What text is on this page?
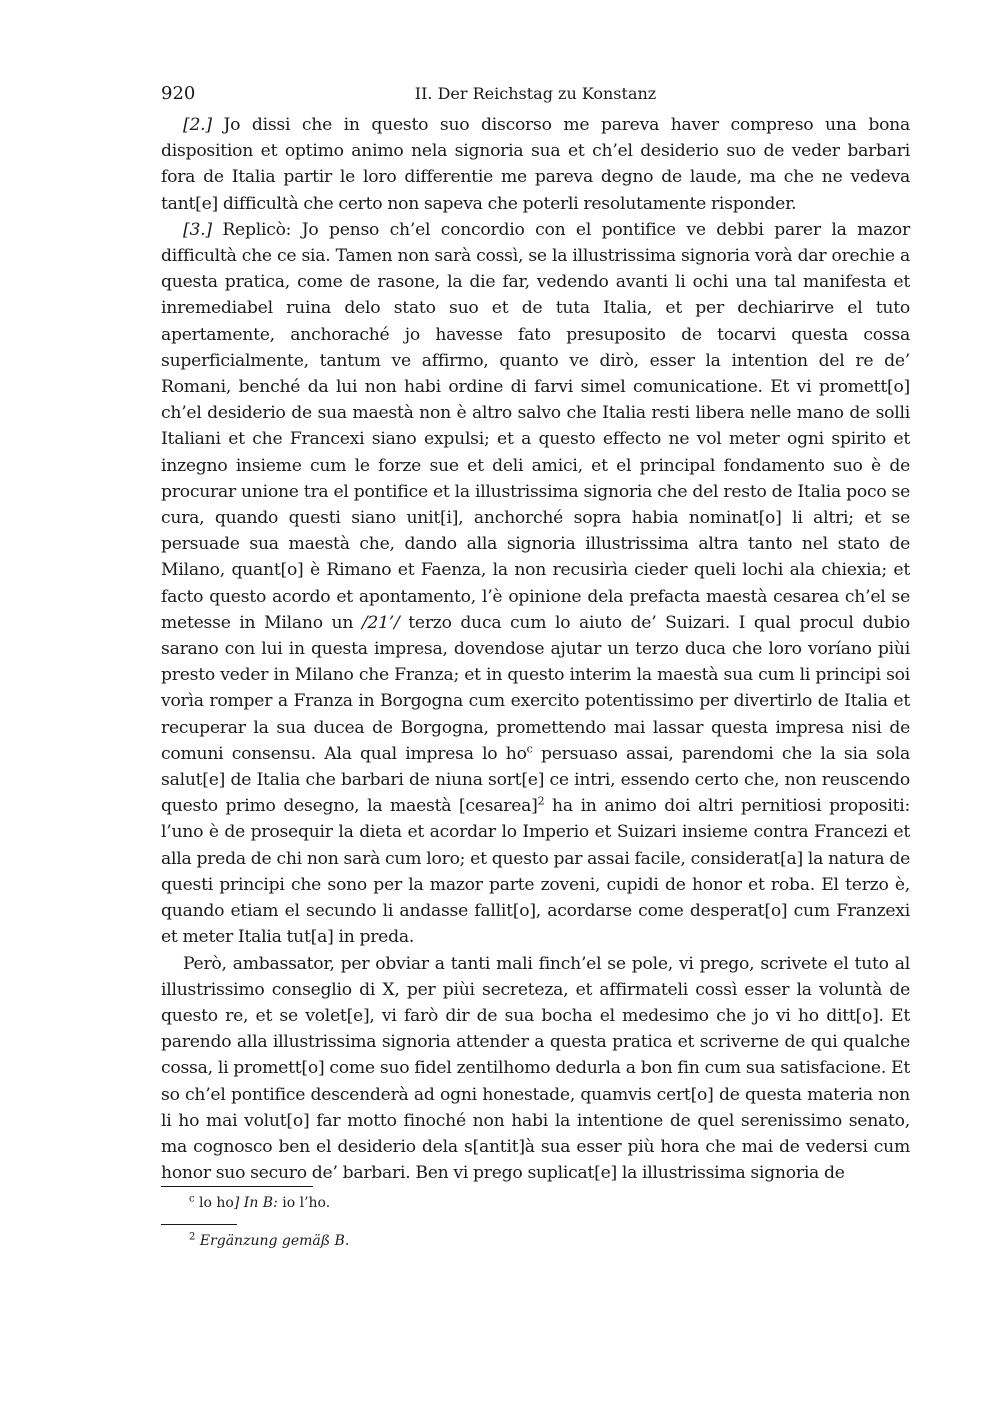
920	II. Der Reichstag zu Konstanz

[2.] Jo dissi che in questo suo discorso me pareva haver compreso una bona disposition et optimo animo nela signoria sua et ch’el desiderio suo de veder barbari fora de Italia partir le loro differentie me pareva degno de laude, ma che ne vedeva tant[e] difficultà che certo non sapeva che poterli resolutamente risponder.

[3.] Replicò: Jo penso ch’el concordio con el pontifice ve debbi parer la mazor difficultà che ce sia. Tamen non sarà cossì, se la illustrissima signoria vorà dar orechie a questa pratica, come de rasone, la die far, vedendo avanti li ochi una tal manifesta et inremediabel ruina delo stato suo et de tuta Italia, et per dechiarirve el tuto apertamente, anchoraché jo havesse fato presuposito de tocarvi questa cossa superficialmente, tantum ve affirmo, quanto ve dirò, esser la intention del re de’ Romani, benché da lui non habi ordine di farvi simel comunicatione. Et vi promett[o] ch’el desiderio de sua maestà non è altro salvo che Italia resti libera nelle mano de solli Italiani et che Francexi siano expulsi; et a questo effecto ne vol meter ogni spirito et inzegno insieme cum le forze sue et deli amici, et el principal fondamento suo è de procurar unione tra el pontifice et la illustrissima signoria che del resto de Italia poco se cura, quando questi siano unit[i], anchorché sopra habia nominat[o] li altri; et se persuade sua maestà che, dando alla signoria illustrissima altra tanto nel stato de Milano, quant[o] è Rimano et Faenza, la non recusirìa cieder queli lochi ala chiexia; et facto questo acordo et apontamento, l’è opinione dela prefacta maestà cesarea ch’el se metesse in Milano un /21’/ terzo duca cum lo aiuto de’ Suizari. I qual procul dubio sarano con lui in questa impresa, dovendose ajutar un terzo duca che loro voríano piùi presto veder in Milano che Franza; et in questo interim la maestà sua cum li principi soi vorìa romper a Franza in Borgogna cum exercito potentissimo per divertirlo de Italia et recuperar la sua ducea de Borgogna, promettendo mai lassar questa impresa nisi de comuni consensu. Ala qual impresa lo $ho^c$ persuaso assai, parendomi che la sia sola salut[e] de Italia che barbari de niuna sort[e] ce intri, essendo certo che, non reuscendo questo primo desegno, la maestà [cesarea]$^2$ ha in animo doi altri pernitiosi propositi: l’uno è de prosequir la dieta et acordar lo Imperio et Suizari insieme contra Francezi et alla preda de chi non sarà cum loro; et questo par assai facile, considerat[a] la natura de questi principi che sono per la mazor parte zoveni, cupidi de honor et roba. El terzo è, quando etiam el secundo li andasse fallit[o], acordarse come desperat[o] cum Franzexi et meter Italia tut[a] in preda.

Però, ambassator, per obviar a tanti mali finch’el se pole, vi prego, scrivete el tuto al illustrissimo conseglio di X, per piùi secreteza, et affirmateli cossì esser la voluntà de questo re, et se volet[e], vi farò dir de sua bocha el medesimo che jo vi ho ditt[o]. Et parendo alla illustrissima signoria attender a questa pratica et scriverne de qui qualche cossa, li promett[o] come suo fidel zentilhomo dedurla a bon fin cum sua satisfacione. Et so ch’el pontifice descenderà ad ogni honestade, quamvis cert[o] de questa materia non li ho mai volut[o] far motto finoché non habi la intentione de quel serenissimo senato, ma cognosco ben el desiderio dela s[antit]à sua esser più hora che mai de vedersi cum honor suo securo de’ barbari. Ben vi prego suplicat[e] la illustrissima signoria de

$^c$ lo ho] In B: io l’ho.
$^2$ Ergänzung gemäß B.
